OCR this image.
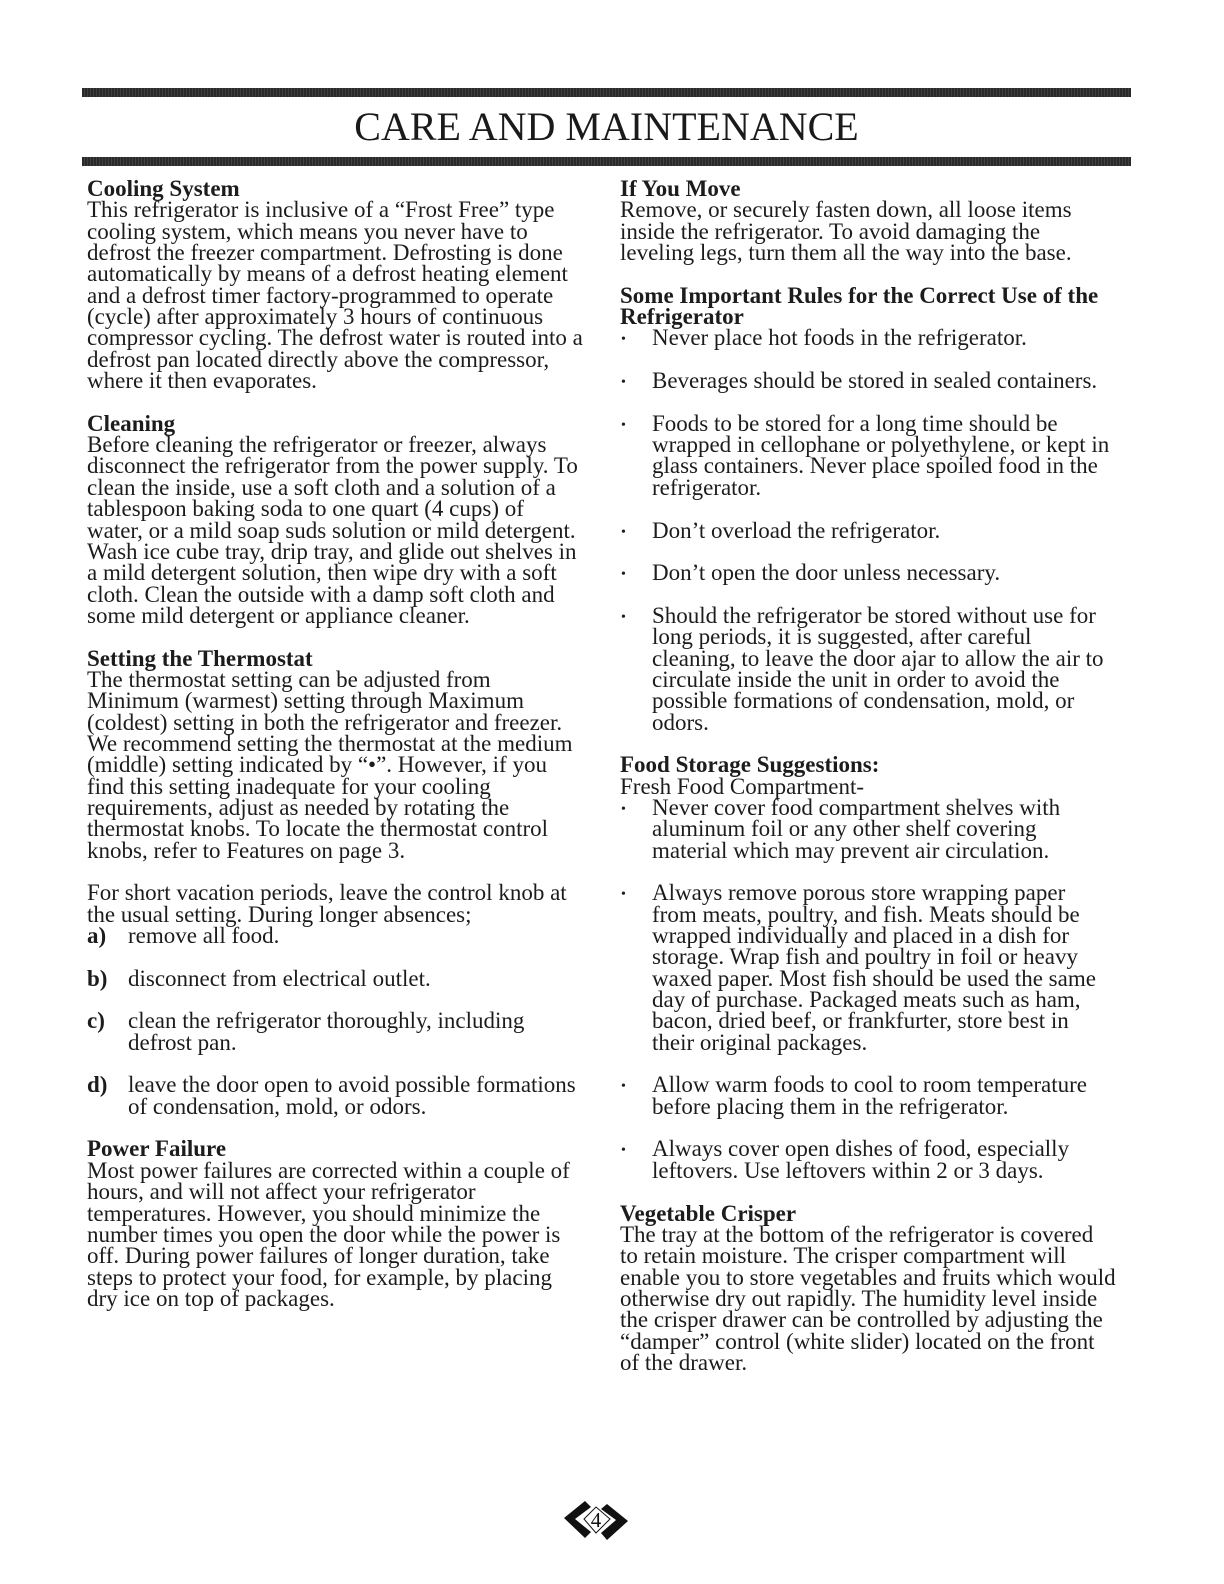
CARE AND MAINTENANCE
Cooling System
This refrigerator is inclusive of a “Frost Free” type
cooling system, which means you never have to
defrost the freezer compartment. Defrosting is done
automatically by means of a defrost heating element
and a defrost timer factory-programmed to operate
(cycle) after approximately 3 hours of continuous
compressor cycling. The defrost water is routed into a
defrost pan located directly above the compressor,
where it then evaporates.
Cleaning
Before cleaning the refrigerator or freezer, always
disconnect the refrigerator from the power supply. To
clean the inside, use a soft cloth and a solution of a
tablespoon baking soda to one quart (4 cups) of
water, or a mild soap suds solution or mild detergent.
Wash ice cube tray, drip tray, and glide out shelves in
a mild detergent solution, then wipe dry with a soft
cloth. Clean the outside with a damp soft cloth and
some mild detergent or appliance cleaner.
Setting the Thermostat
The thermostat setting can be adjusted from
Minimum (warmest) setting through Maximum
(coldest) setting in both the refrigerator and freezer.
We recommend setting the thermostat at the medium
(middle) setting indicated by “•”. However, if you
find this setting inadequate for your cooling
requirements, adjust as needed by rotating the
thermostat knobs. To locate the thermostat control
knobs, refer to Features on page 3.
For short vacation periods, leave the control knob at
the usual setting. During longer absences;
a) remove all food.
b) disconnect from electrical outlet.
c)	clean the refrigerator thoroughly, including
defrost pan.
d) leave the door open to avoid possible formations
of condensation, mold, or odors.
Power Failure
Most power failures are corrected within a couple of
hours, and will not affect your refrigerator
temperatures. However, you should minimize the
number times you open the door while the power is
off. During power failures of longer duration, take
steps to protect your food, for example, by placing
dry ice on top of packages.
If You Move
Remove, or securely fasten down, all loose items
inside the refrigerator. To avoid damaging the
leveling legs, turn them all the way into the base.
Some Important Rules for the Correct Use of the
Refrigerator
•	Never place hot foods in the refrigerator.
•	Beverages should be stored in sealed containers.
•	Foods to be stored for a long time should be
wrapped in cellophane or polyethylene, or kept in
glass containers. Never place spoiled food in the
refrigerator.
•	Don’t overload the refrigerator.
•	Don’t open the door unless necessary.
•	Should the refrigerator be stored without use for
long periods, it is suggested, after careful
cleaning, to leave the door ajar to allow the air to
circulate inside the unit in order to avoid the
possible formations of condensation, mold, or
odors.
Food Storage Suggestions:
Fresh Food Compartment-
•	Never cover food compartment shelves with
aluminum foil or any other shelf covering
material which may prevent air circulation.
•	Always remove porous store wrapping paper
from meats, poultry, and fish. Meats should be
wrapped individually and placed in a dish for
storage. Wrap fish and poultry in foil or heavy
waxed paper. Most fish should be used the same
day of purchase. Packaged meats such as ham,
bacon, dried beef, or frankfurter, store best in
their original packages.
•	Allow warm foods to cool to room temperature
before placing them in the refrigerator.
•	Always cover open dishes of food, especially
leftovers. Use leftovers within 2 or 3 days.
Vegetable Crisper
The tray at the bottom of the refrigerator is covered
to retain moisture. The crisper compartment will
enable you to store vegetables and fruits which would
otherwise dry out rapidly. The humidity level inside
the crisper drawer can be controlled by adjusting the
“damper” control (white slider) located on the front
of the drawer.
4
